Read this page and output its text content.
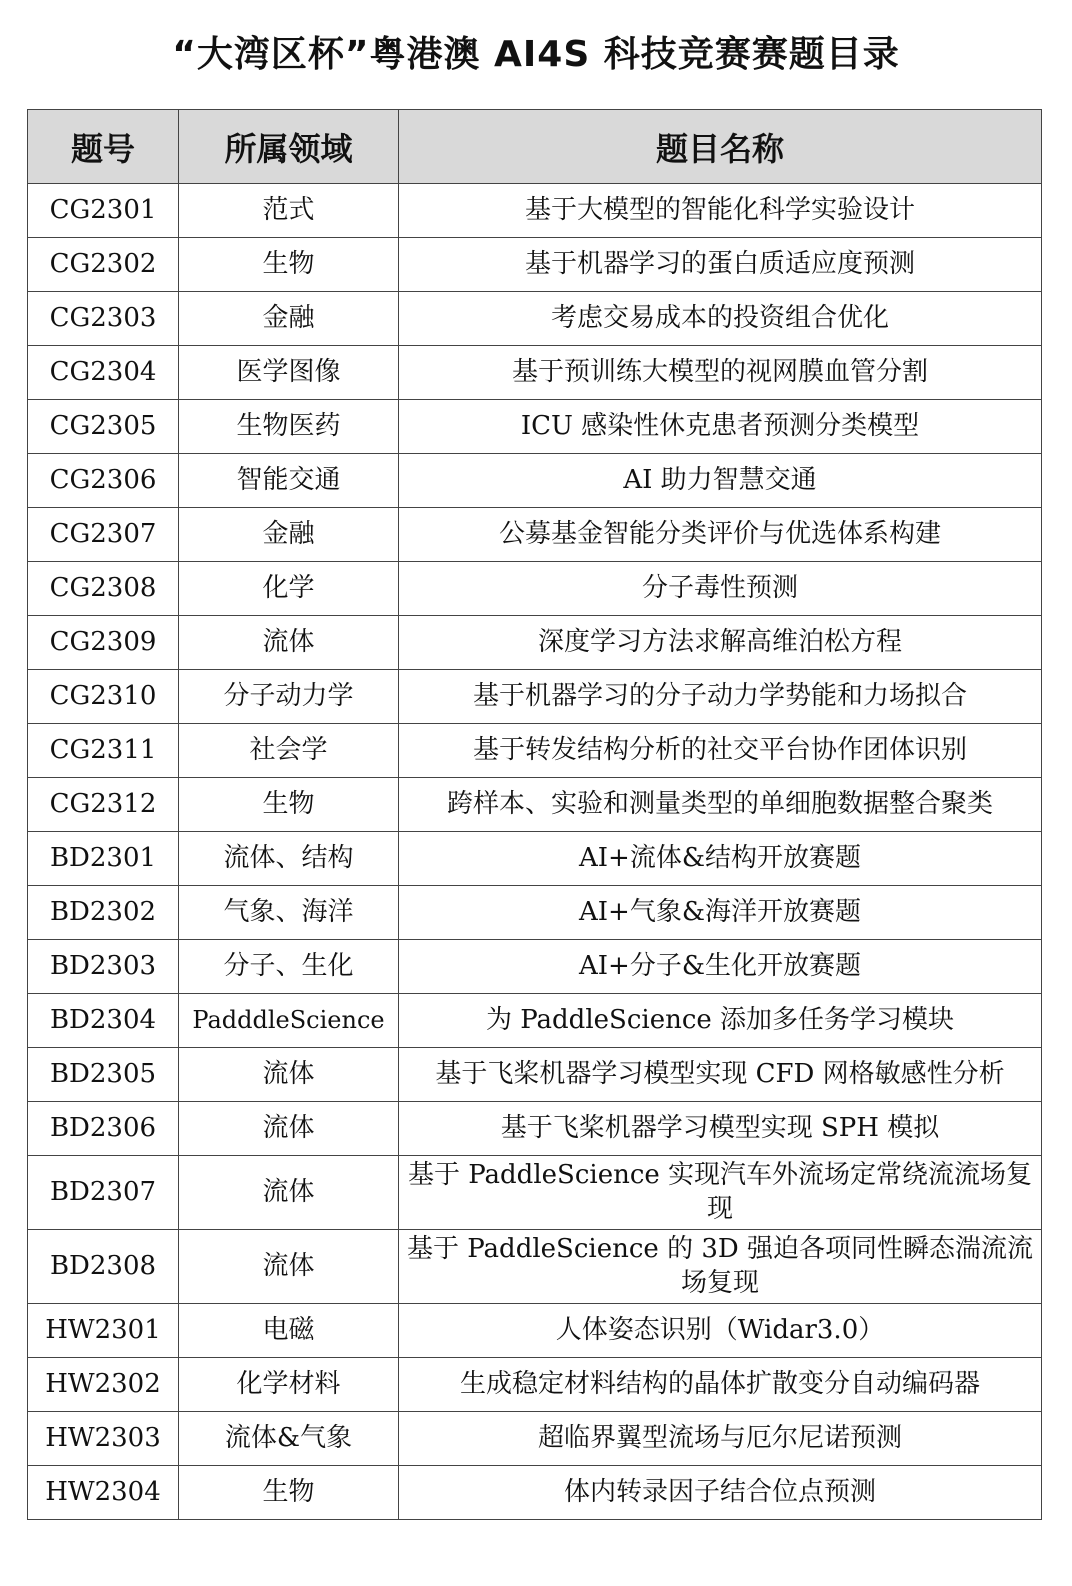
“大湾区杯”粤港澳 AI4S 科技竞赛赛题目录
题号	所属领域	题目名称
CG2301	范式	基于大模型的智能化科学实验设计
CG2302	生物	基于机器学习的蛋白质适应度预测
CG2303	金融	考虑交易成本的投资组合优化
CG2304	医学图像	基于预训练大模型的视网膜血管分割
CG2305	生物医药	ICU 感染性休克患者预测分类模型
CG2306	智能交通	AI 助力智慧交通
CG2307	金融	公募基金智能分类评价与优选体系构建
CG2308	化学	分子毒性预测
CG2309	流体	深度学习方法求解高维泊松方程
CG2310	分子动力学	基于机器学习的分子动力学势能和力场拟合
CG2311	社会学	基于转发结构分析的社交平台协作团体识别
CG2312	生物	跨样本、实验和测量类型的单细胞数据整合聚类
BD2301	流体、结构	AI+流体&结构开放赛题
BD2302	气象、海洋	AI+气象&海洋开放赛题
BD2303	分子、生化	AI+分子&生化开放赛题
BD2304	PadddleScience	为 PaddleScience 添加多任务学习模块
BD2305	流体	基于飞桨机器学习模型实现 CFD 网格敏感性分析
BD2306	流体	基于飞桨机器学习模型实现 SPH 模拟
BD2307	流体	基于 PaddleScience 实现汽车外流场定常绕流流场复现
BD2308	流体	基于 PaddleScience 的 3D 强迫各项同性瞬态湍流流场复现
HW2301	电磁	人体姿态识别（Widar3.0）
HW2302	化学材料	生成稳定材料结构的晶体扩散变分自动编码器
HW2303	流体&气象	超临界翼型流场与厄尔尼诺预测
HW2304	生物	体内转录因子结合位点预测
